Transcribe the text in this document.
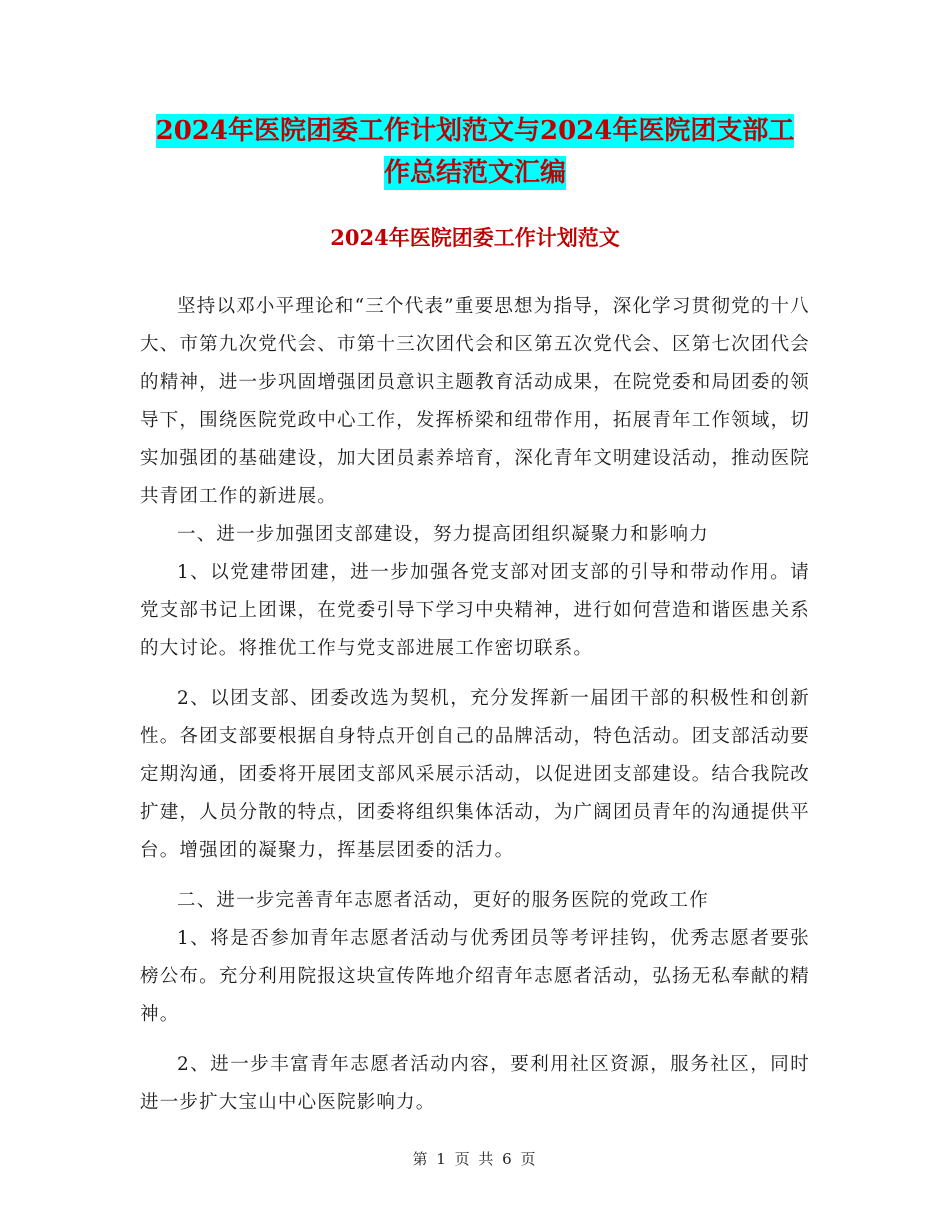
2024年医院团委工作计划范文与2024年医院团支部工
作总结范文汇编
2024年医院团委工作计划范文

坚持以邓小平理论和“三个代表”重要思想为指导，深化学习贯彻党的十八大、市第九次党代会、市第十三次团代会和区第五次党代会、区第七次团代会的精神，进一步巩固增强团员意识主题教育活动成果，在院党委和局团委的领导下，围绕医院党政中心工作，发挥桥梁和纽带作用，拓展青年工作领域，切实加强团的基础建设，加大团员素养培育，深化青年文明建设活动，推动医院共青团工作的新进展。

一、进一步加强团支部建设，努力提高团组织凝聚力和影响力

1、以党建带团建，进一步加强各党支部对团支部的引导和带动作用。请党支部书记上团课，在党委引导下学习中央精神，进行如何营造和谐医患关系的大讨论。将推优工作与党支部进展工作密切联系。

2、以团支部、团委改选为契机，充分发挥新一届团干部的积极性和创新性。各团支部要根据自身特点开创自己的品牌活动，特色活动。团支部活动要定期沟通，团委将开展团支部风采展示活动，以促进团支部建设。结合我院改扩建，人员分散的特点，团委将组织集体活动，为广阔团员青年的沟通提供平台。增强团的凝聚力，挥基层团委的活力。

二、进一步完善青年志愿者活动，更好的服务医院的党政工作

1、将是否参加青年志愿者活动与优秀团员等考评挂钩，优秀志愿者要张榜公布。充分利用院报这块宣传阵地介绍青年志愿者活动，弘扬无私奉献的精神。

2、进一步丰富青年志愿者活动内容，要利用社区资源，服务社区，同时进一步扩大宝山中心医院影响力。

第 1 页 共 6 页
